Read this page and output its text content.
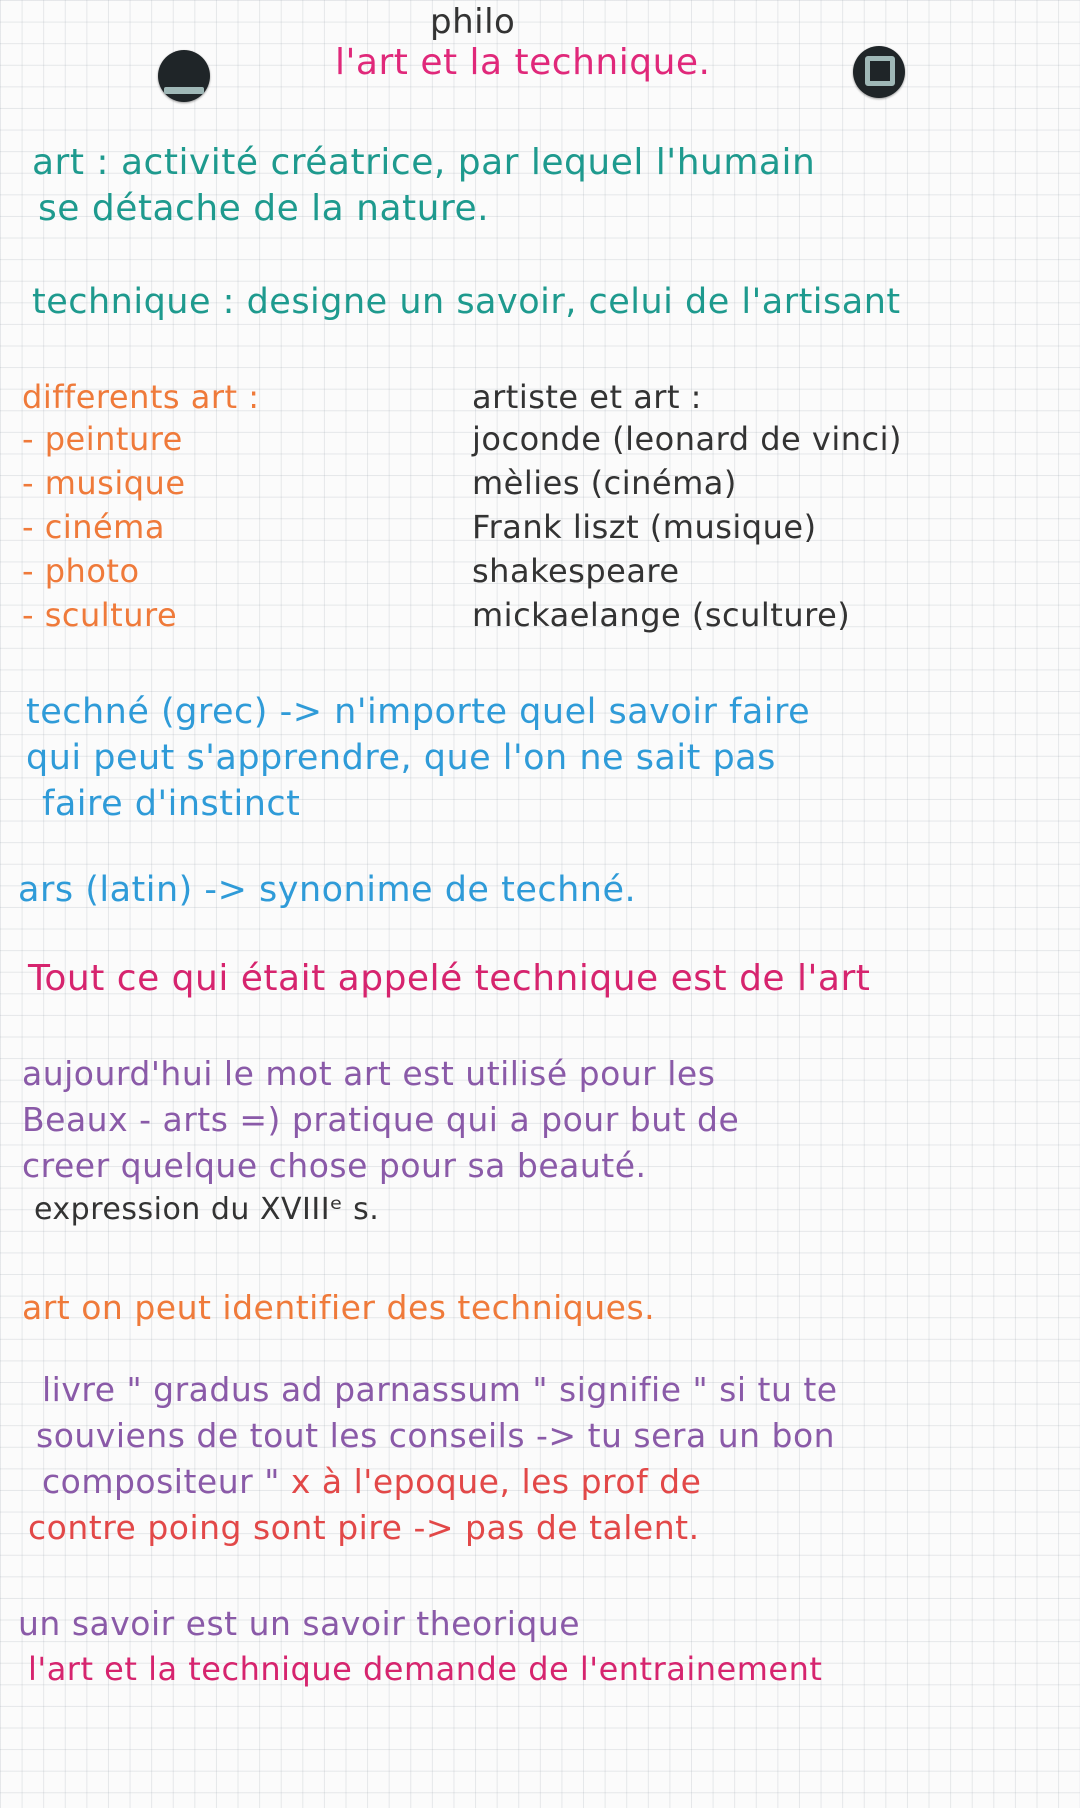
philo
l'art et la technique.
art : activité créatrice, par lequel l'humain
se détache de la nature.
technique : designe un savoir, celui de l'artisant
differents art :
- peinture
- musique
- cinéma
- photo
- sculture
artiste et art :
joconde (leonard de vinci)
mèlies (cinéma)
Frank liszt (musique)
shakespeare
mickaelange (sculture)
techné (grec) -> n'importe quel savoir faire
qui peut s'apprendre, que l'on ne sait pas
faire d'instinct
ars (latin) -> synonime de techné.
Tout ce qui était appelé technique est de l'art
aujourd'hui le mot art est utilisé pour les
Beaux - arts =) pratique qui a pour but de
creer quelque chose pour sa beauté.
expression du XVIIIᵉ s.
art on peut identifier des techniques.
livre " gradus ad parnassum " signifie " si tu te
souviens de tout les conseils -> tu sera un bon
compositeur " x à l'epoque, les prof de
contre poing sont pire -> pas de talent.
un savoir est un savoir theorique
l'art et la technique demande de l'entrainement
